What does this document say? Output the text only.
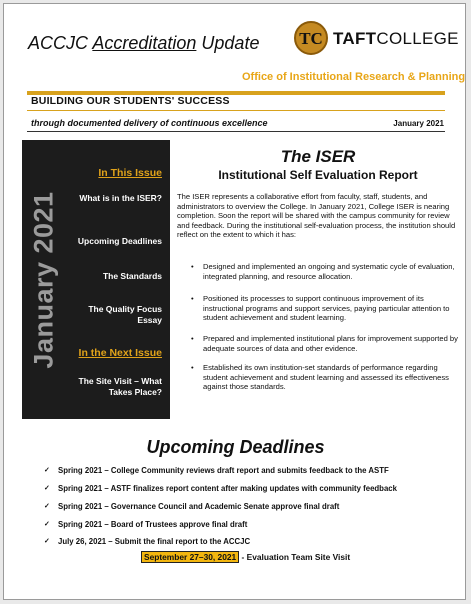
ACCJC Accreditation Update TC TAFTCOLLEGE
Office of Institutional Research & Planning
BUILDING OUR STUDENTS' SUCCESS
through documented delivery of continuous excellence	January 2021
January 2021
In This Issue
What is in the ISER?
Upcoming Deadlines
The Standards
The Quality Focus Essay
In the Next Issue
The Site Visit – What Takes Place?
The ISER
Institutional Self Evaluation Report
The ISER represents a collaborative effort from faculty, staff, students, and administrators to overview the College. In January 2021, College ISER is nearing completion. Soon the report will be shared with the campus community for review and feedback. During the institutional self-evaluation process, the institution should reflect on the extent to which it has:
• Designed and implemented an ongoing and systematic cycle of evaluation, integrated planning, and resource allocation.
• Positioned its processes to support continuous improvement of its instructional programs and support services, paying particular attention to student achievement and student learning.
• Prepared and implemented institutional plans for improvement supported by adequate sources of data and other evidence.
• Established its own institution-set standards of performance regarding student achievement and student learning and assessed its effectiveness against those standards.
Upcoming Deadlines
✓ Spring 2021 – College Community reviews draft report and submits feedback to the ASTF
✓ Spring 2021 – ASTF finalizes report content after making updates with community feedback
✓ Spring 2021 – Governance Council and Academic Senate approve final draft
✓ Spring 2021 – Board of Trustees approve final draft
✓ July 26, 2021 – Submit the final report to the ACCJC
September 27–30, 2021 - Evaluation Team Site Visit
